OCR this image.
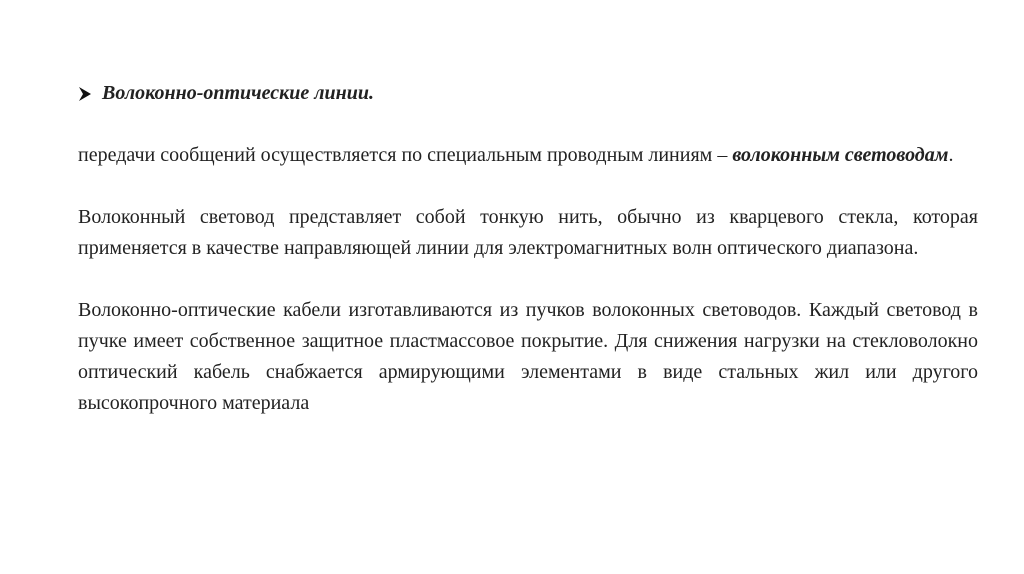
Волоконно-оптические линии.

передачи сообщений осуществляется по специальным проводным линиям – волоконным световодам.

Волоконный световод представляет собой тонкую нить, обычно из кварцевого стекла, которая применяется в качестве направляющей линии для электромагнитных волн оптического диапазона.

Волоконно-оптические кабели изготавливаются из пучков волоконных световодов. Каждый световод в пучке имеет собственное защитное пластмассовое покрытие. Для снижения нагрузки на стекловолокно оптический кабель снабжается армирующими элементами в виде стальных жил или другого высокопрочного материала
